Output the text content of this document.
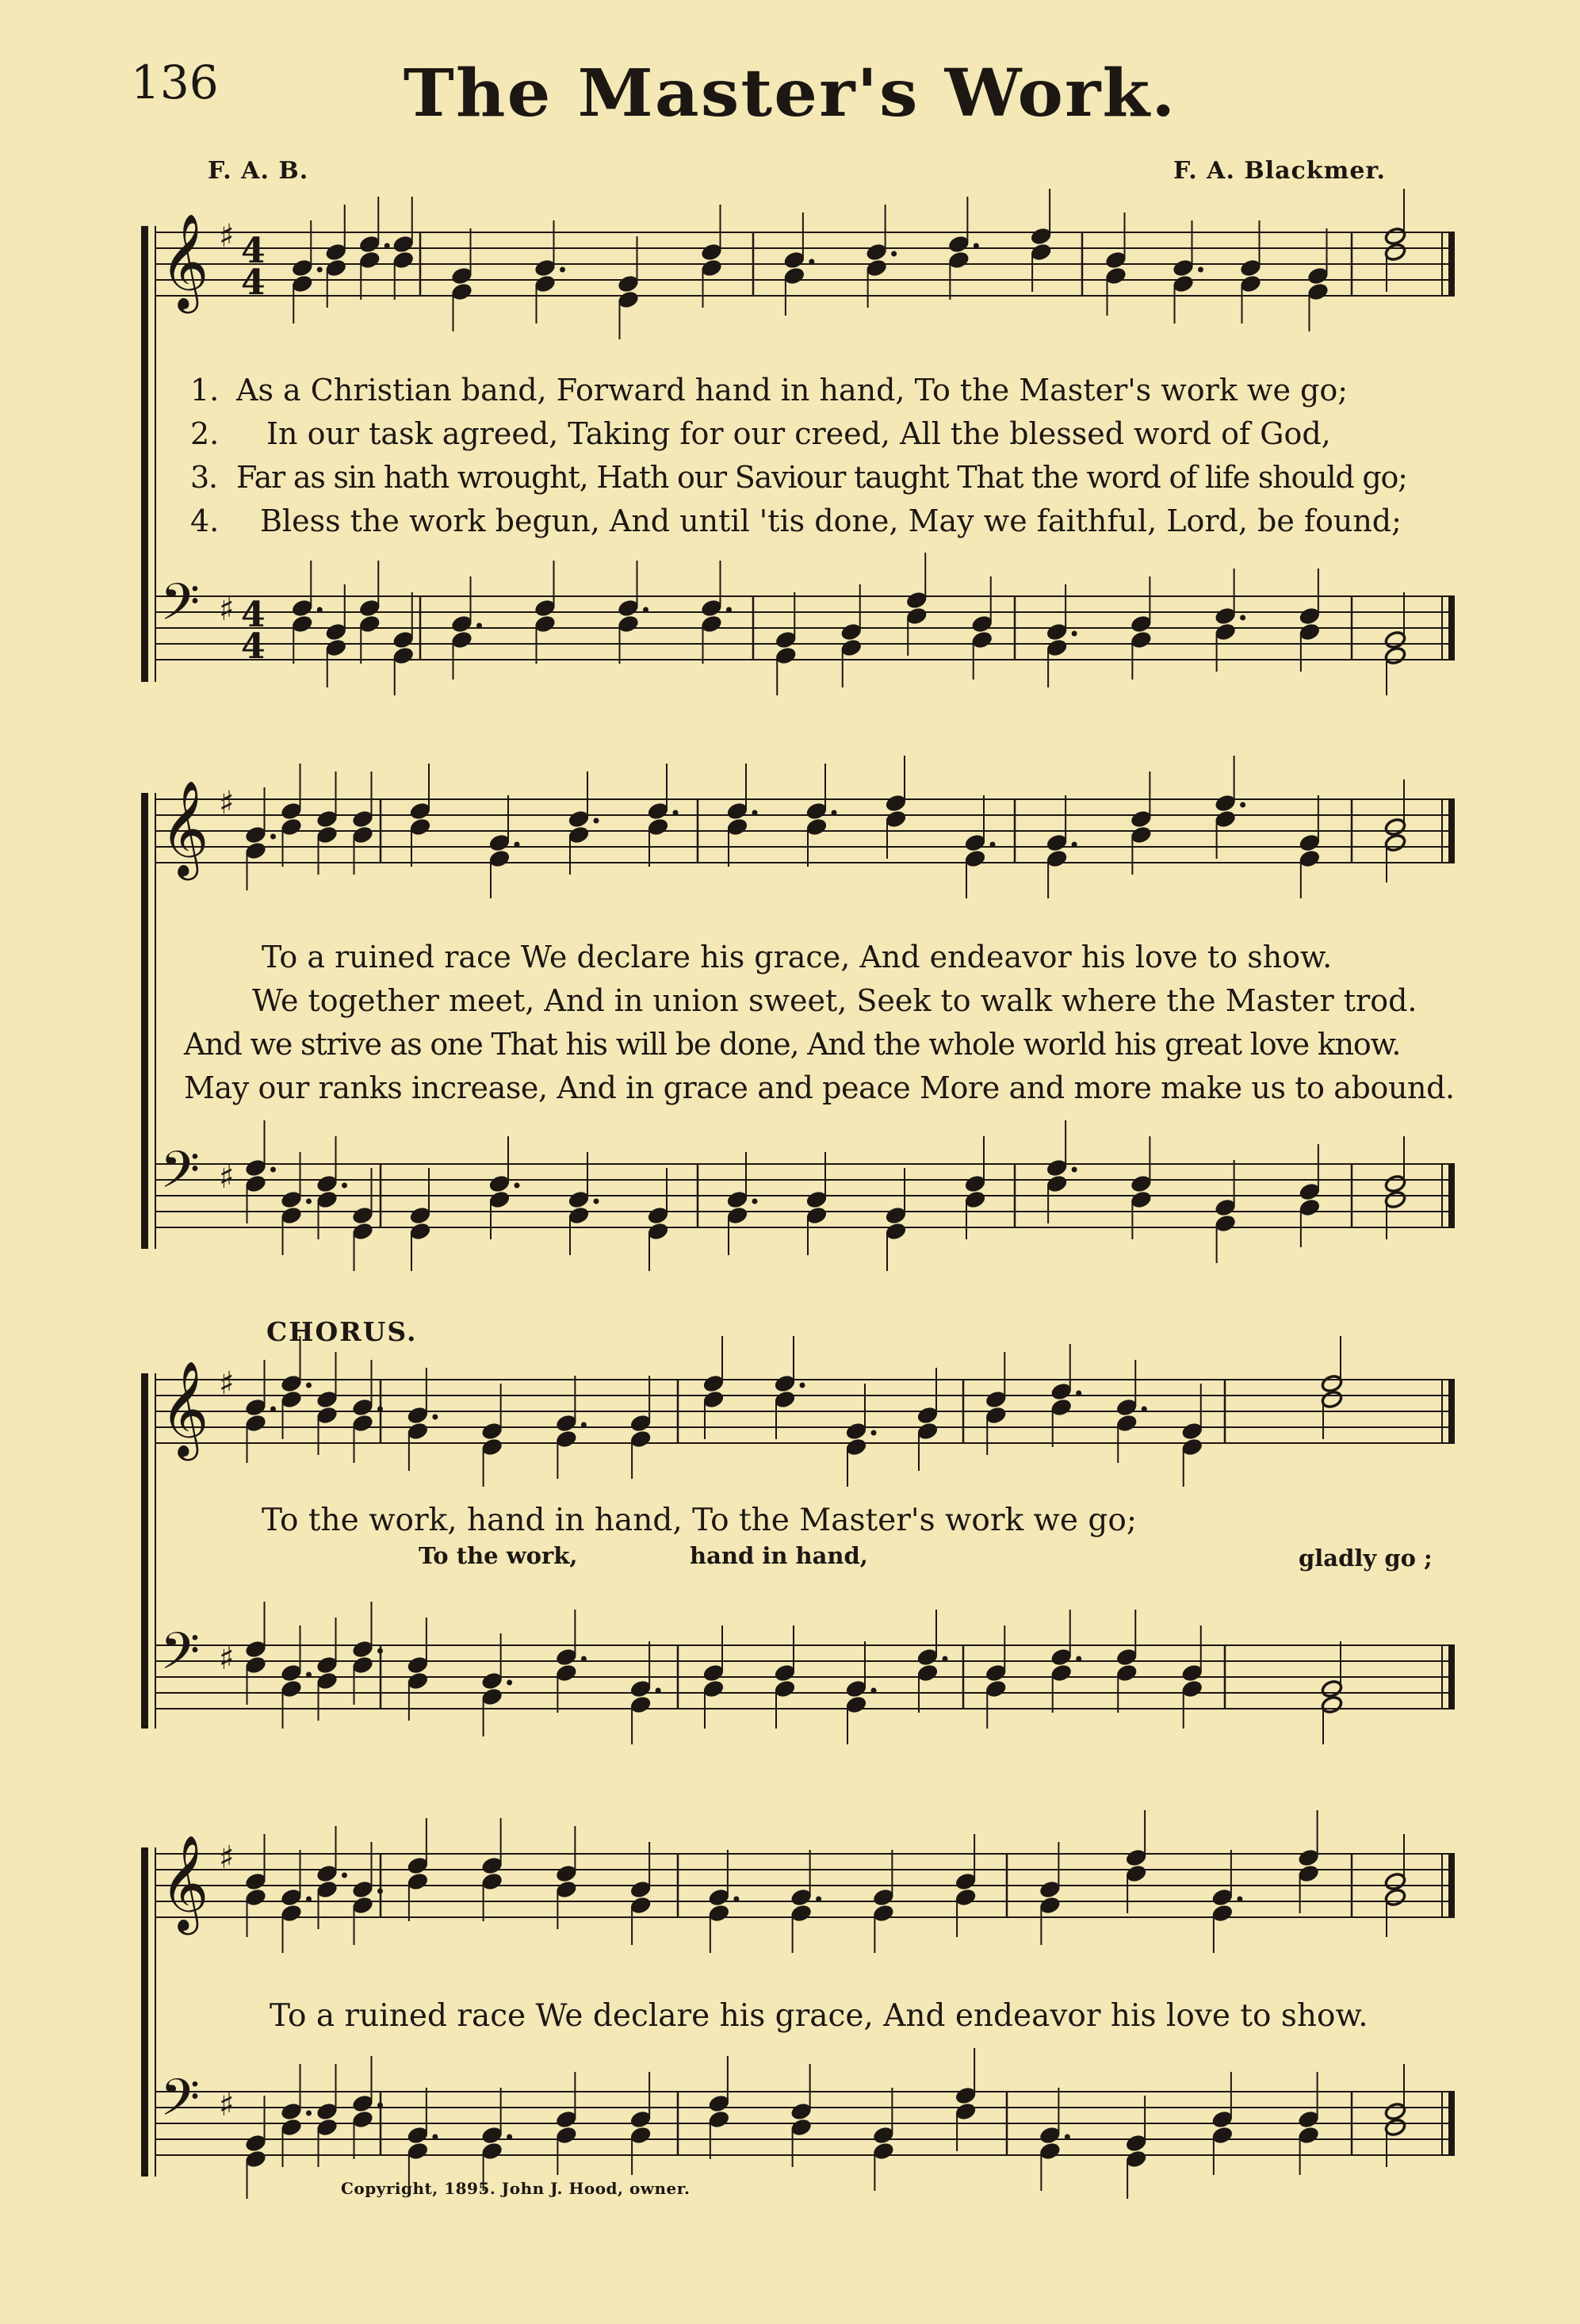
136	The Master's Work.
F. A. B.	F. A. Blackmer.
𝄞 ♯ 4
4
𝄢 ♯ 4
4
𝄞 ♯
𝄢 ♯
𝄞 ♯
𝄢 ♯
𝄞 ♯
𝄢 ♯
1. As a Christian band, Forward hand in hand, To the Master's work we go;
2. In our task agreed, Taking for our creed, All the blessed word of God,
3. Far as sin hath wrought, Hath our Saviour taught That the word of life should go;
4. Bless the work begun, And until 'tis done, May we faithful, Lord, be found;
To a ruined race We declare his grace, And endeavor his love to show.
We together meet, And in union sweet, Seek to walk where the Master trod.
And we strive as one That his will be done, And the whole world his great love know.
May our ranks increase, And in grace and peace More and more make us to abound.
CHORUS.
To the work, hand in hand, To the Master's work we go;
To the work,	hand in hand,	gladly go ;
To a ruined race We declare his grace, And endeavor his love to show.
Copyright, 1895. John J. Hood, owner.
